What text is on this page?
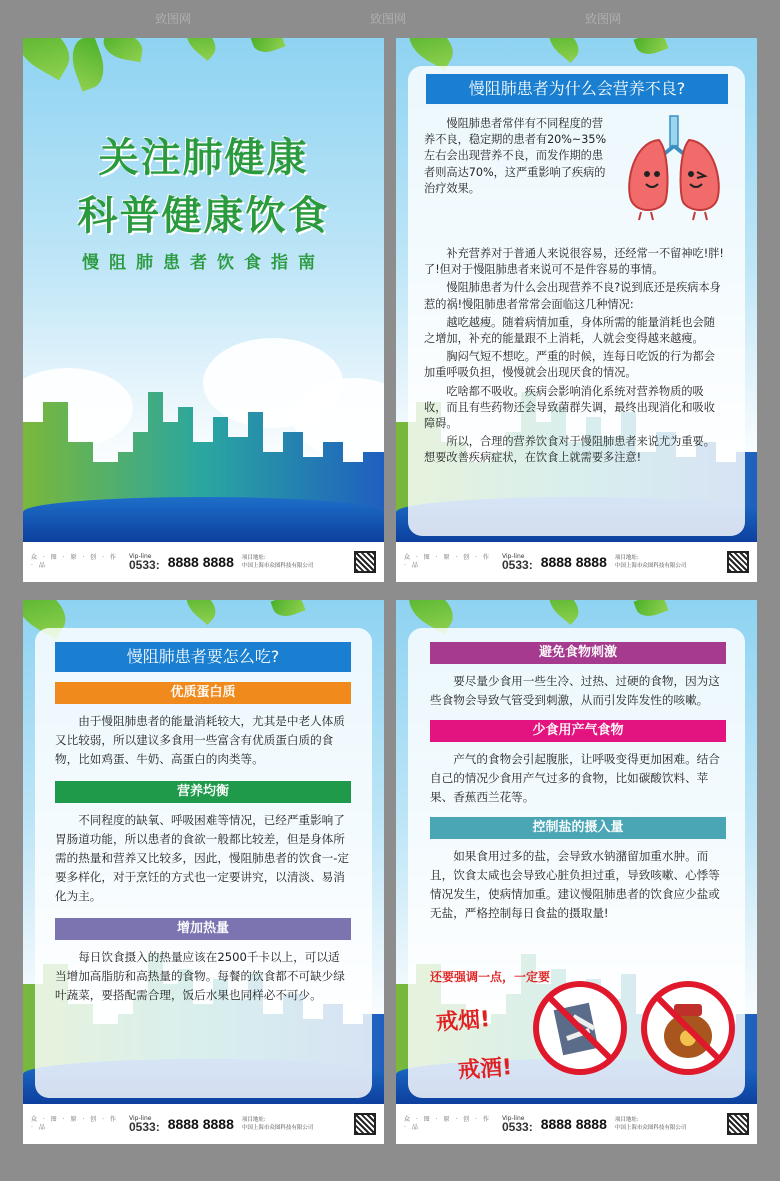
致图网	致图网	致图网
关注肺健康
科普健康饮食
慢阻肺患者饮食指南
众 · 图 · 原 · 创 · 作 · 品
Vip-line
0533: 8888 8888 项目地址:
中国上海市众图科技有限公司
慢阻肺患者为什么会营养不良?

慢阻肺患者常伴有不同程度的营养不良，稳定期的患者有20%~35%左右会出现营养不良，而发作期的患者则高达70%，这严重影响了疾病的治疗效果。

补充营养对于普通人来说很容易，还经常一不留神吃!胖!了!但对于慢阻肺患者来说可不是件容易的事情。

慢阻肺患者为什么会出现营养不良?说到底还是疾病本身惹的祸!慢阻肺患者常常会面临这几种情况:

越吃越瘦。随着病情加重，身体所需的能量消耗也会随之增加，补充的能量跟不上消耗，人就会变得越来越瘦。

胸闷气短不想吃。严重的时候，连每日吃饭的行为都会加重呼吸负担，慢慢就会出现厌食的情况。

吃啥都不吸收。疾病会影响消化系统对营养物质的吸收，而且有些药物还会导致菌群失调，最终出现消化和吸收障碍。

所以，合理的营养饮食对于慢阻肺患者来说尤为重要。想要改善疾病症状，在饮食上就需要多注意!

众 · 图 · 原 · 创 · 作 · 品
Vip-line
0533: 8888 8888 项目地址:
中国上海市众图科技有限公司
慢阻肺患者要怎么吃?
优质蛋白质

由于慢阻肺患者的能量消耗较大，尤其是中老人体质又比较弱，所以建议多食用一些富含有优质蛋白质的食物，比如鸡蛋、牛奶、高蛋白的肉类等。

营养均衡

不同程度的缺氧、呼吸困难等情况，已经严重影响了胃肠道功能，所以患者的食欲一般都比较差，但是身体所需的热量和营养又比较多，因此，慢阻肺患者的饮食一-定要多样化，对于烹饪的方式也一定要讲究，以清淡、易消化为主。

增加热量

每日饮食摄入的热量应该在2500千卡以上，可以适当增加高脂肪和高热量的食物。每餐的饮食都不可缺少绿叶蔬菜，要搭配需合理，饭后水果也同样必不可少。

众 · 图 · 原 · 创 · 作 · 品
Vip-line
0533: 8888 8888 项目地址:
中国上海市众图科技有限公司
避免食物刺激

要尽量少食用一些生冷、过热、过硬的食物，因为这些食物会导致气管受到刺激，从而引发阵发性的咳嗽。

少食用产气食物

产气的食物会引起腹胀，让呼吸变得更加困难。结合自己的情况少食用产气过多的食物，比如碳酸饮料、苹果、香蕉西兰花等。

控制盐的摄入量

如果食用过多的盐，会导致水钠潴留加重水肿。而且，饮食太咸也会导致心脏负担过重，导致咳嗽、心悸等情况发生，使病情加重。建议慢阻肺患者的饮食应少盐或无盐，严格控制每日食盐的摄取量!

还要强调一点，一定要
戒烟!
戒酒!
众 · 图 · 原 · 创 · 作 · 品
Vip-line
0533: 8888 8888 项目地址:
中国上海市众图科技有限公司
